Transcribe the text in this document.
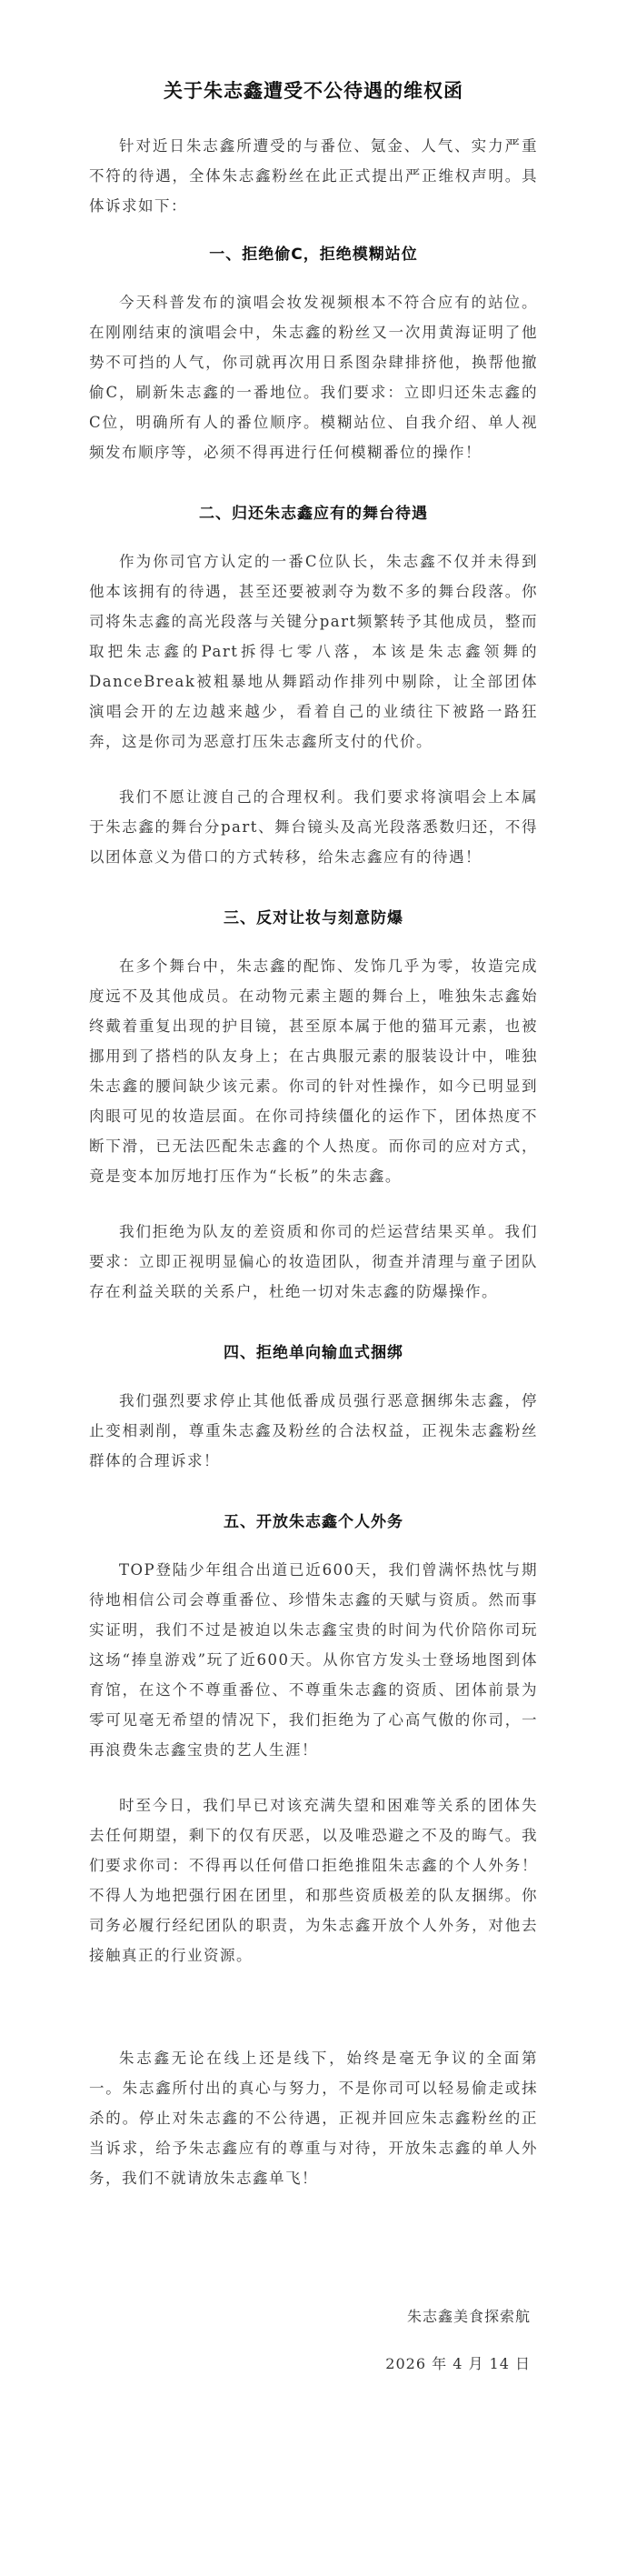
关于朱志鑫遭受不公待遇的维权函

针对近日朱志鑫所遭受的与番位、氪金、人气、实力严重不符的待遇，全体朱志鑫粉丝在此正式提出严正维权声明。具体诉求如下：

一、拒绝偷C，拒绝模糊站位

今天科普发布的演唱会妆发视频根本不符合应有的站位。在刚刚结束的演唱会中，朱志鑫的粉丝又一次用黄海证明了他势不可挡的人气，你司就再次用日系图杂肆排挤他，换帮他撤偷C，刷新朱志鑫的一番地位。我们要求：立即归还朱志鑫的C位，明确所有人的番位顺序。模糊站位、自我介绍、单人视频发布顺序等，必须不得再进行任何模糊番位的操作！

二、归还朱志鑫应有的舞台待遇

作为你司官方认定的一番C位队长，朱志鑫不仅并未得到他本该拥有的待遇，甚至还要被剥夺为数不多的舞台段落。你司将朱志鑫的高光段落与关键分part频繁转予其他成员，整而取把朱志鑫的Part拆得七零八落，本该是朱志鑫领舞的DanceBreak被粗暴地从舞蹈动作排列中剔除，让全部团体演唱会开的左边越来越少，看着自己的业绩往下被路一路狂奔，这是你司为恶意打压朱志鑫所支付的代价。

我们不愿让渡自己的合理权利。我们要求将演唱会上本属于朱志鑫的舞台分part、舞台镜头及高光段落悉数归还，不得以团体意义为借口的方式转移，给朱志鑫应有的待遇！

三、反对让妆与刻意防爆

在多个舞台中，朱志鑫的配饰、发饰几乎为零，妆造完成度远不及其他成员。在动物元素主题的舞台上，唯独朱志鑫始终戴着重复出现的护目镜，甚至原本属于他的猫耳元素，也被挪用到了搭档的队友身上；在古典服元素的服装设计中，唯独朱志鑫的腰间缺少该元素。你司的针对性操作，如今已明显到肉眼可见的妆造层面。在你司持续僵化的运作下，团体热度不断下滑，已无法匹配朱志鑫的个人热度。而你司的应对方式，竟是变本加厉地打压作为“长板”的朱志鑫。

我们拒绝为队友的差资质和你司的烂运营结果买单。我们要求：立即正视明显偏心的妆造团队，彻查并清理与童子团队存在利益关联的关系户，杜绝一切对朱志鑫的防爆操作。

四、拒绝单向输血式捆绑

我们强烈要求停止其他低番成员强行恶意捆绑朱志鑫，停止变相剥削，尊重朱志鑫及粉丝的合法权益，正视朱志鑫粉丝群体的合理诉求！

五、开放朱志鑫个人外务

TOP登陆少年组合出道已近600天，我们曾满怀热忱与期待地相信公司会尊重番位、珍惜朱志鑫的天赋与资质。然而事实证明，我们不过是被迫以朱志鑫宝贵的时间为代价陪你司玩这场“捧皇游戏”玩了近600天。从你官方发头士登场地图到体育馆，在这个不尊重番位、不尊重朱志鑫的资质、团体前景为零可见毫无希望的情况下，我们拒绝为了心高气傲的你司，一再浪费朱志鑫宝贵的艺人生涯！

时至今日，我们早已对该充满失望和困难等关系的团体失去任何期望，剩下的仅有厌恶，以及唯恐避之不及的晦气。我们要求你司：不得再以任何借口拒绝推阻朱志鑫的个人外务！不得人为地把强行困在团里，和那些资质极差的队友捆绑。你司务必履行经纪团队的职责，为朱志鑫开放个人外务，对他去接触真正的行业资源。

朱志鑫无论在线上还是线下，始终是毫无争议的全面第一。朱志鑫所付出的真心与努力，不是你司可以轻易偷走或抹杀的。停止对朱志鑫的不公待遇，正视并回应朱志鑫粉丝的正当诉求，给予朱志鑫应有的尊重与对待，开放朱志鑫的单人外务，我们不就请放朱志鑫单飞！

朱志鑫美食探索航
2026 年 4 月 14 日
